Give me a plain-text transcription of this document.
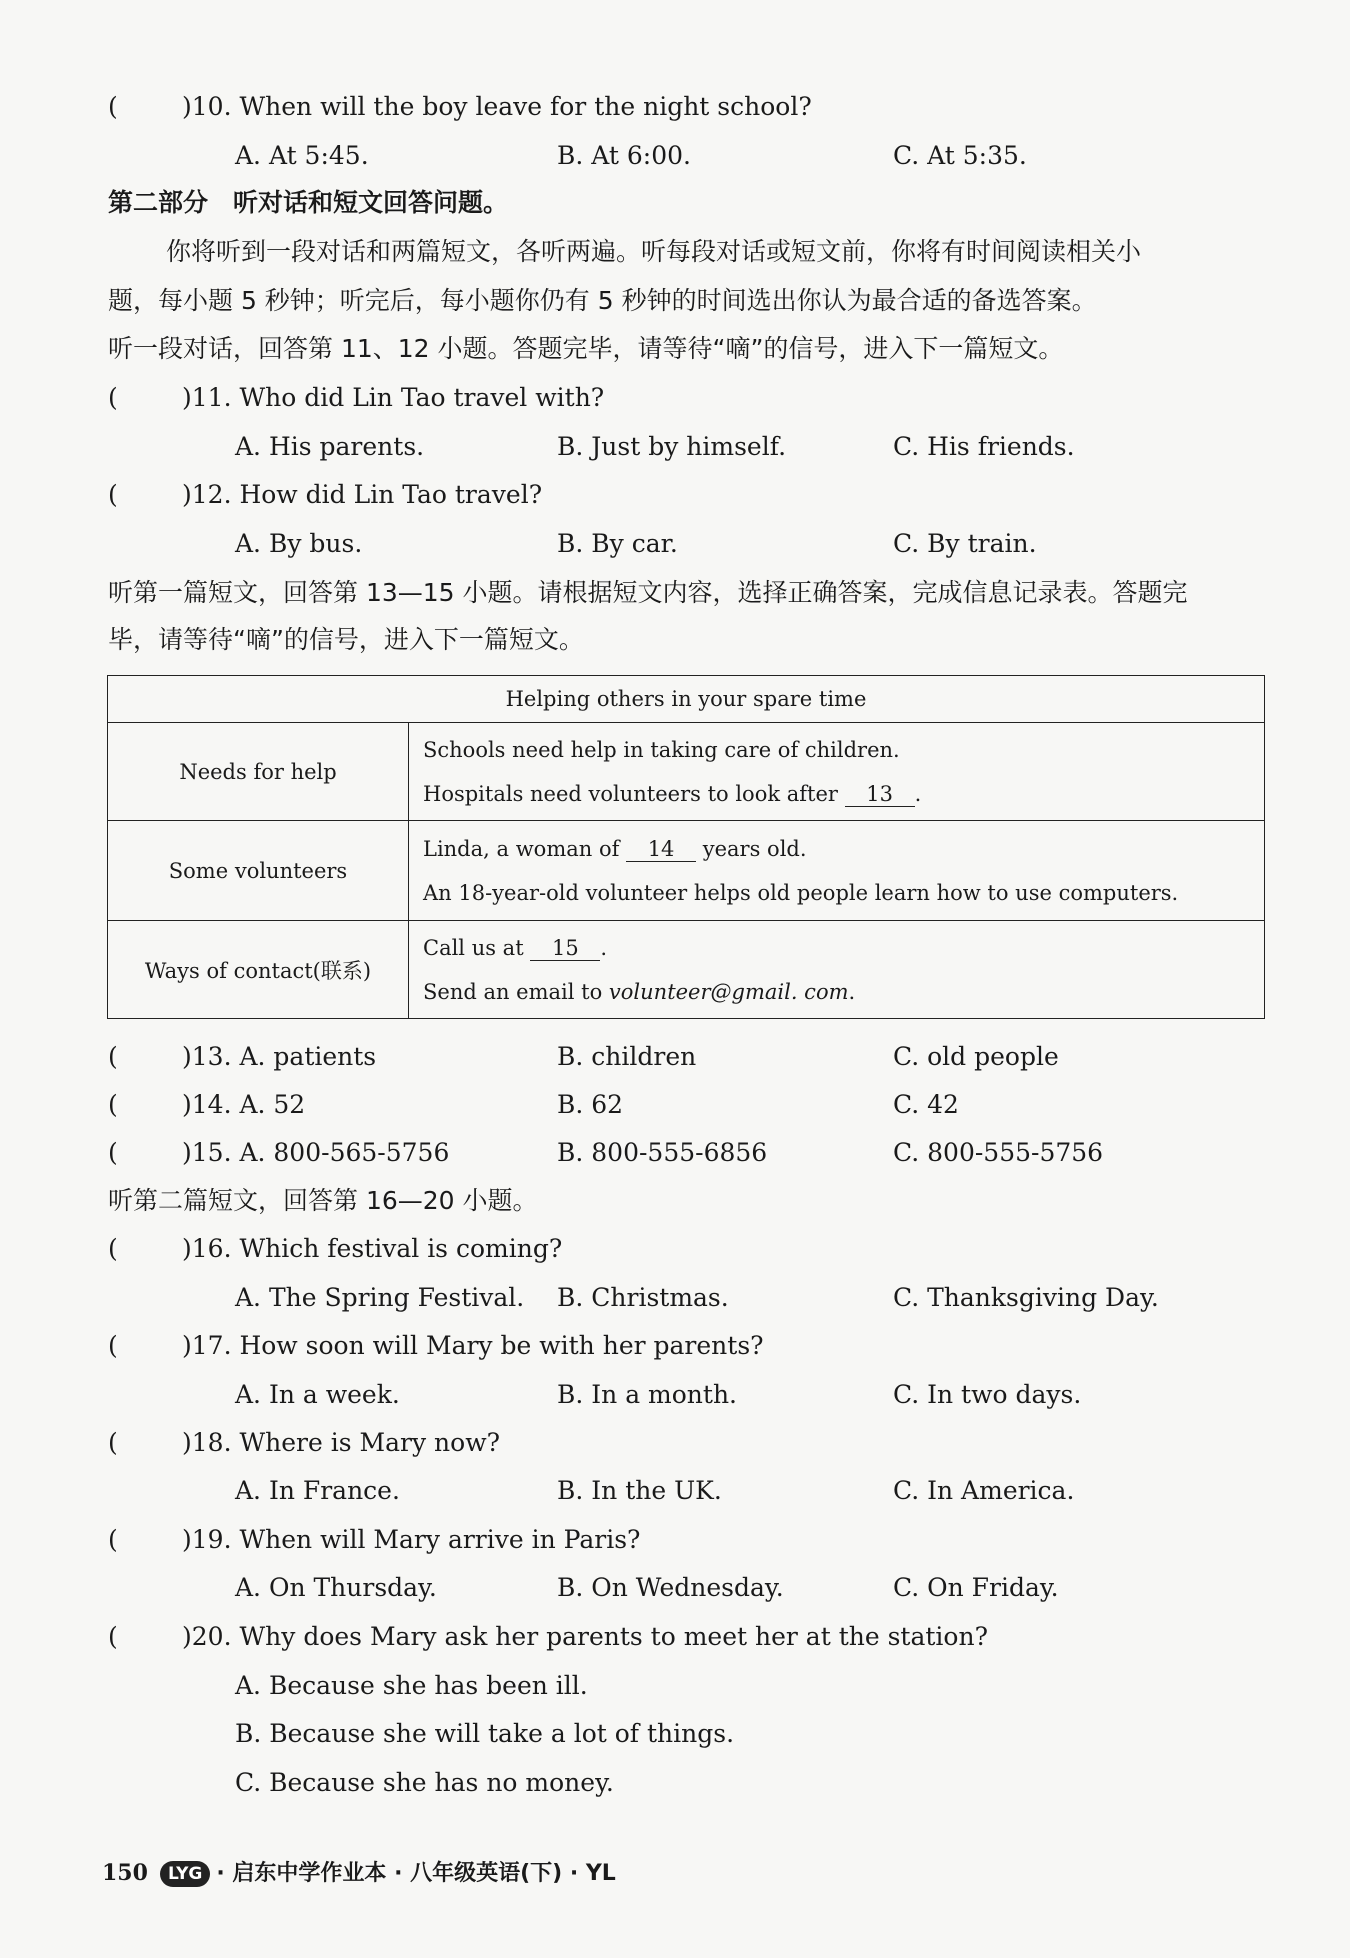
(	)10. When will the boy leave for the night school?
A. At 5:45.	B. At 6:00.	C. At 5:35.
第二部分　听对话和短文回答问题。
你将听到一段对话和两篇短文，各听两遍。听每段对话或短文前，你将有时间阅读相关小
题，每小题 5 秒钟；听完后，每小题你仍有 5 秒钟的时间选出你认为最合适的备选答案。
听一段对话，回答第 11、12 小题。答题完毕，请等待“嘀”的信号，进入下一篇短文。
(	)11. Who did Lin Tao travel with?
A. His parents.	B. Just by himself.	C. His friends.
(	)12. How did Lin Tao travel?
A. By bus.	B. By car.	C. By train.
听第一篇短文，回答第 13—15 小题。请根据短文内容，选择正确答案，完成信息记录表。答题完
毕，请等待“嘀”的信号，进入下一篇短文。
Helping others in your spare time	
Needs for help	Schools need help in taking care of children.
Hospitals need volunteers to look after 13 .

Some volunteers	Linda, a woman of 14 years old.
An 18-year-old volunteer helps old people learn how to use computers.

Ways of contact(联系)	Call us at 15 .
Send an email to volunteer@gmail. com.
(	)13. A. patients	B. children	C. old people
(	)14. A. 52	B. 62	C. 42
(	)15. A. 800-565-5756	B. 800-555-6856	C. 800-555-5756
听第二篇短文，回答第 16—20 小题。
(	)16. Which festival is coming?
A. The Spring Festival. B. Christmas.	C. Thanksgiving Day.
(	)17. How soon will Mary be with her parents?
A. In a week.	B. In a month.	C. In two days.
(	)18. Where is Mary now?
A. In France.	B. In the UK.	C. In America.
(	)19. When will Mary arrive in Paris?
A. On Thursday.	B. On Wednesday.	C. On Friday.
(	)20. Why does Mary ask her parents to meet her at the station?
A. Because she has been ill.
B. Because she will take a lot of things.
C. Because she has no money.
150 LYG · 启东中学作业本 · 八年级英语(下) · YL
